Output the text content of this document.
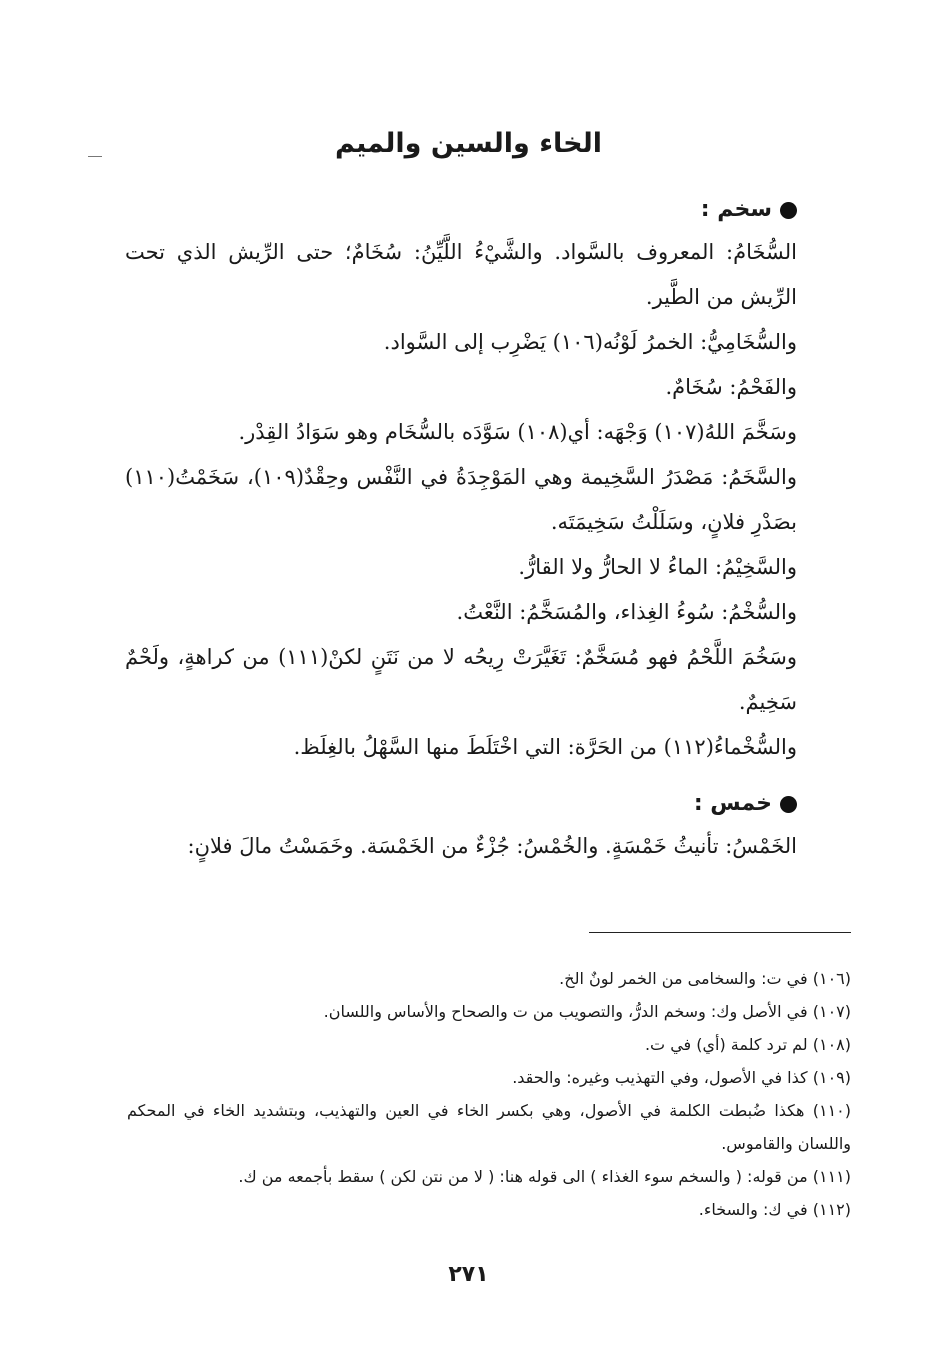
الخاء والسين والميم

سخم :

السُّخَامُ: المعروف بالسَّواد. والشَّيْءُ اللَّيِّنُ: سُخَامٌ؛ حتى الرِّيش الذي تحت الرِّيش من الطَّير.

والسُّخَامِيُّ: الخمرُ لَوْنُه(١٠٦) يَضْرِب إلى السَّواد.

والفَحْمُ: سُخَامٌ.

وسَخَّمَ اللهُ(١٠٧) وَجْهَه: أي(١٠٨) سَوَّدَه بالسُّخَام وهو سَوَادُ القِدْر.

والسَّخَمُ: مَصْدَرُ السَّخِيمة وهي المَوْجِدَةُ في النَّفْس وحِقْدٌ(١٠٩)، سَخَمْتُ(١١٠) بصَدْرِ فلانٍ، وسَلَلْتُ سَخِيمَتَه.

والسَّخِيْمُ: الماءُ لا الحارُّ ولا القارُّ.

والسُّخْمُ: سُوءُ الغِذاء، والمُسَخَّمُ: النَّعْتُ.

وسَخُمَ اللَّحْمُ فهو مُسَخَّمٌ: تَغَيَّرَتْ رِيحُه لا من نَتَنٍ لكنْ(١١١) من كراهةٍ، ولَحْمٌ سَخِيمٌ.

والسُّخْماءُ(١١٢) من الحَرَّة: التي اخْتَلَطَ منها السَّهْلُ بالغِلَظ.

خمس :

الخَمْسُ: تأنيثُ خَمْسَةٍ. والخُمْسُ: جُزْءٌ من الخَمْسَة. وخَمَسْتُ مالَ فلانٍ:

(١٠٦) في ت: والسخامى من الخمر لونٌ الخ.

(١٠٧) في الأصل وك: وسخم الدرُّ، والتصويب من ت والصحاح والأساس واللسان.

(١٠٨) لم ترد كلمة (أي) في ت.

(١٠٩) كذا في الأصول، وفي التهذيب وغيره: والحقد.

(١١٠) هكذا ضُبطت الكلمة في الأصول، وهي بكسر الخاء في العين والتهذيب، وبتشديد الخاء في المحكم واللسان والقاموس.

(١١١) من قوله: ( والسخم سوء الغذاء ) الى قوله هنا: ( لا من نتن لكن ) سقط بأجمعه من ك.

(١١٢) في ك: والسخاء.

٢٧١
